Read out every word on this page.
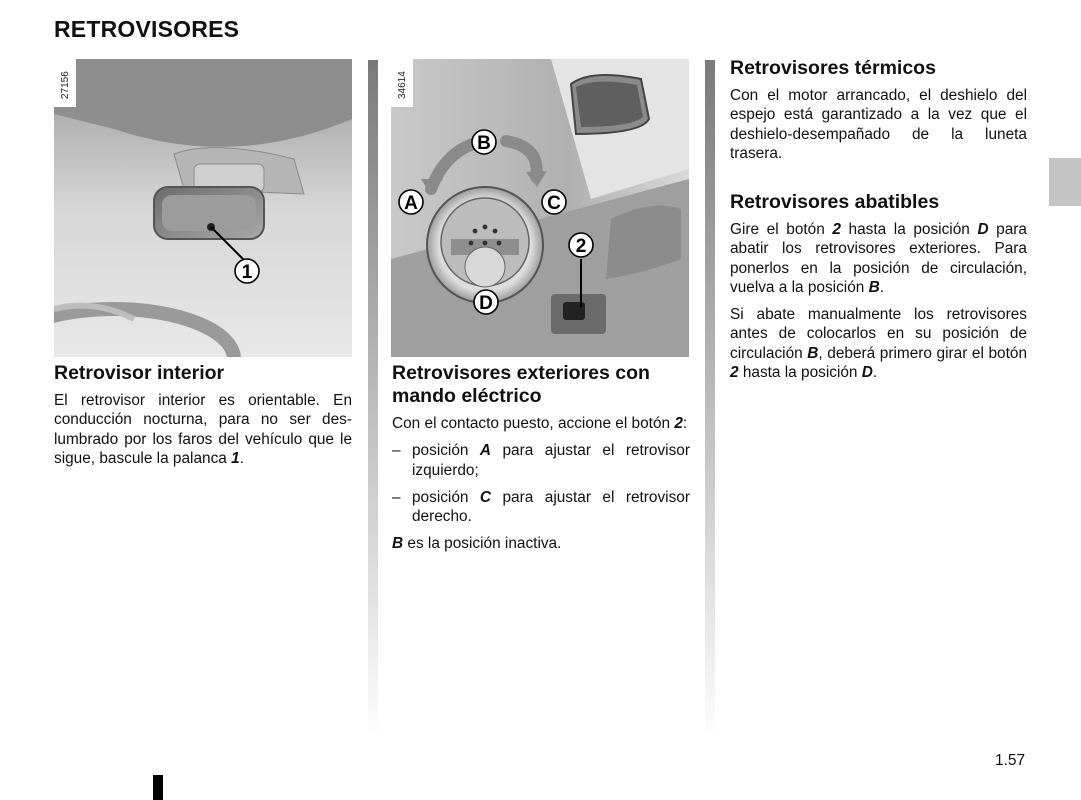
RETROVISORES
1
27156
B
A	C
D
2
34614
Retrovisor interior

El retrovisor interior es orientable. En conducción nocturna, para no ser des-lumbrado por los faros del vehículo que le sigue, bascule la palanca 1.

Retrovisores exteriores con
mando eléctrico

Con el contacto puesto, accione el botón 2:

– posición A para ajustar el retrovisor izquierdo;
– posición C para ajustar el retrovisor derecho.

B es la posición inactiva.

Retrovisores térmicos

Con el motor arrancado, el deshielo del espejo está garantizado a la vez que el deshielo-desempañado de la luneta trasera.

Retrovisores abatibles

Gire el botón 2 hasta la posición D para abatir los retrovisores exteriores. Para ponerlos en la posición de circulación, vuelva a la posición B.

Si abate manualmente los retrovisores antes de colocarlos en su posición de circulación B, deberá primero girar el botón 2 hasta la posición D.

1.57
